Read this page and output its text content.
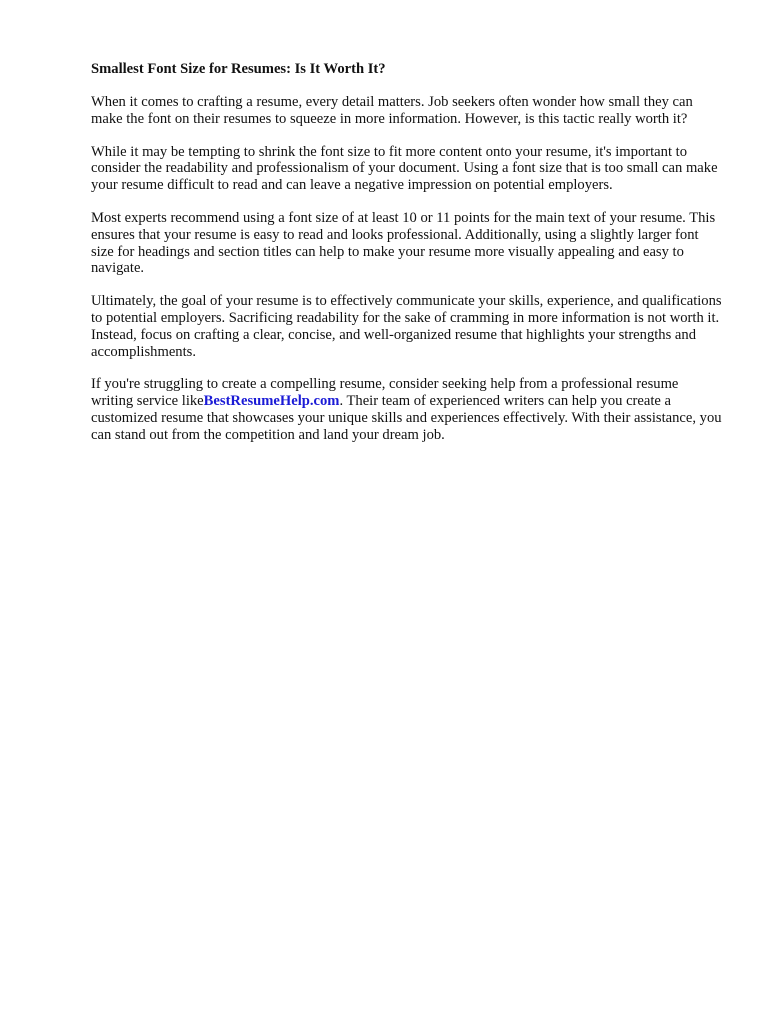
Smallest Font Size for Resumes: Is It Worth It?

When it comes to crafting a resume, every detail matters. Job seekers often wonder how small they can make the font on their resumes to squeeze in more information. However, is this tactic really worth it?

While it may be tempting to shrink the font size to fit more content onto your resume, it's important to consider the readability and professionalism of your document. Using a font size that is too small can make your resume difficult to read and can leave a negative impression on potential employers.

Most experts recommend using a font size of at least 10 or 11 points for the main text of your resume. This ensures that your resume is easy to read and looks professional. Additionally, using a slightly larger font size for headings and section titles can help to make your resume more visually appealing and easy to navigate.

Ultimately, the goal of your resume is to effectively communicate your skills, experience, and qualifications to potential employers. Sacrificing readability for the sake of cramming in more information is not worth it. Instead, focus on crafting a clear, concise, and well-organized resume that highlights your strengths and accomplishments.

If you're struggling to create a compelling resume, consider seeking help from a professional resume writing service likeBestResumeHelp.com. Their team of experienced writers can help you create a customized resume that showcases your unique skills and experiences effectively. With their assistance, you can stand out from the competition and land your dream job.
